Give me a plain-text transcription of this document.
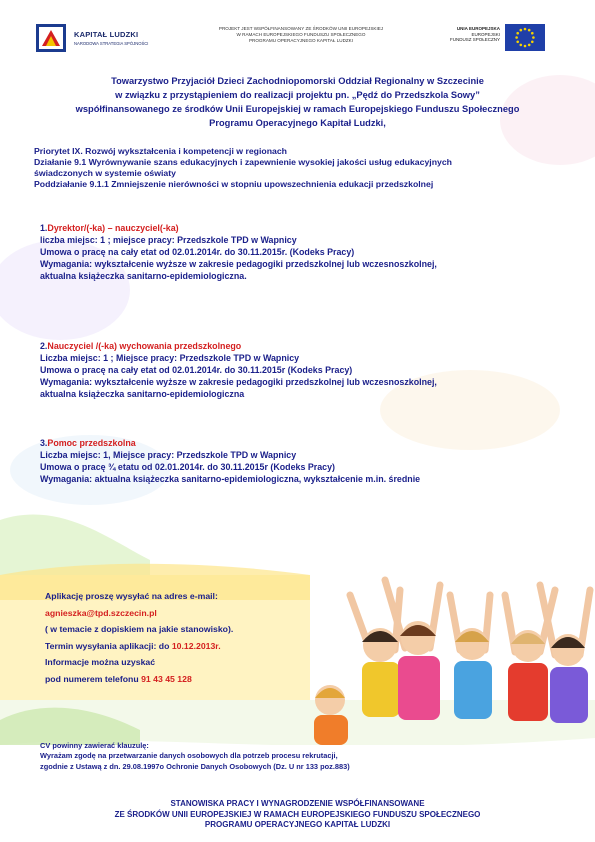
KAPITAŁ LUDZKI
NARODOWA STRATEGIA SPÓJNOŚCI
PROJEKT JEST WSPÓŁFINANSOWANY ZE ŚRODKÓW UNII EUROPEJSKIEJ
W RAMACH EUROPEJSKIEGO FUNDUSZU SPOŁECZNEGO
PROGRAMU OPERACYJNEGO KAPITAŁ LUDZKI
UNIA EUROPEJSKA
EUROPEJSKI
FUNDUSZ SPOŁECZNY
Towarzystwo Przyjaciół Dzieci Zachodniopomorski Oddział Regionalny w Szczecinie
w związku z przystąpieniem do realizacji projektu pn. „Pędź do Przedszkola Sowy”
współfinansowanego ze środków Unii Europejskiej w ramach Europejskiego Funduszu Społecznego
Programu Operacyjnego Kapitał Ludzki,
Priorytet IX. Rozwój wykształcenia i kompetencji w regionach
Działanie 9.1 Wyrównywanie szans edukacyjnych i zapewnienie wysokiej jakości usług edukacyjnych
świadczonych w systemie oświaty
Poddziałanie 9.1.1 Zmniejszenie nierówności w stopniu upowszechnienia edukacji przedszkolnej
1.Dyrektor/(-ka) – nauczyciel(-ka)
liczba miejsc: 1 ; miejsce pracy: Przedszkole TPD w Wapnicy
Umowa o pracę na cały etat od 02.01.2014r. do 30.11.2015r. (Kodeks Pracy)
Wymagania: wykształcenie wyższe w zakresie pedagogiki przedszkolnej lub wczesnoszkolnej,
aktualna książeczka sanitarno-epidemiologiczna.
2.Nauczyciel /(-ka) wychowania przedszkolnego
Liczba miejsc: 1 ; Miejsce pracy: Przedszkole TPD w Wapnicy
Umowa o pracę na cały etat od 02.01.2014r. do 30.11.2015r (Kodeks Pracy)
Wymagania: wykształcenie wyższe w zakresie pedagogiki przedszkolnej lub wczesnoszkolnej,
aktualna książeczka sanitarno-epidemiologiczna
3.Pomoc przedszkolna
Liczba miejsc: 1, Miejsce pracy: Przedszkole TPD w Wapnicy
Umowa o pracę ¾ etatu od 02.01.2014r. do 30.11.2015r (Kodeks Pracy)
Wymagania: aktualna książeczka sanitarno-epidemiologiczna, wykształcenie m.in. średnie
Aplikację proszę wysyłać na adres e-mail:
agnieszka@tpd.szczecin.pl
( w temacie z dopiskiem na jakie stanowisko).
Termin wysyłania aplikacji: do 10.12.2013r.
Informacje można uzyskać
pod numerem telefonu 91 43 45 128
CV powinny zawierać klauzulę:
Wyrażam zgodę na przetwarzanie danych osobowych dla potrzeb procesu rekrutacji,
zgodnie z Ustawą z dn. 29.08.1997o Ochronie Danych Osobowych (Dz. U nr 133 poz.883)
STANOWISKA PRACY I WYNAGRODZENIE WSPÓŁFINANSOWANE
ZE ŚRODKÓW UNII EUROPEJSKIEJ W RAMACH EUROPEJSKIEGO FUNDUSZU SPOŁECZNEGO
PROGRAMU OPERACYJNEGO KAPITAŁ LUDZKI
